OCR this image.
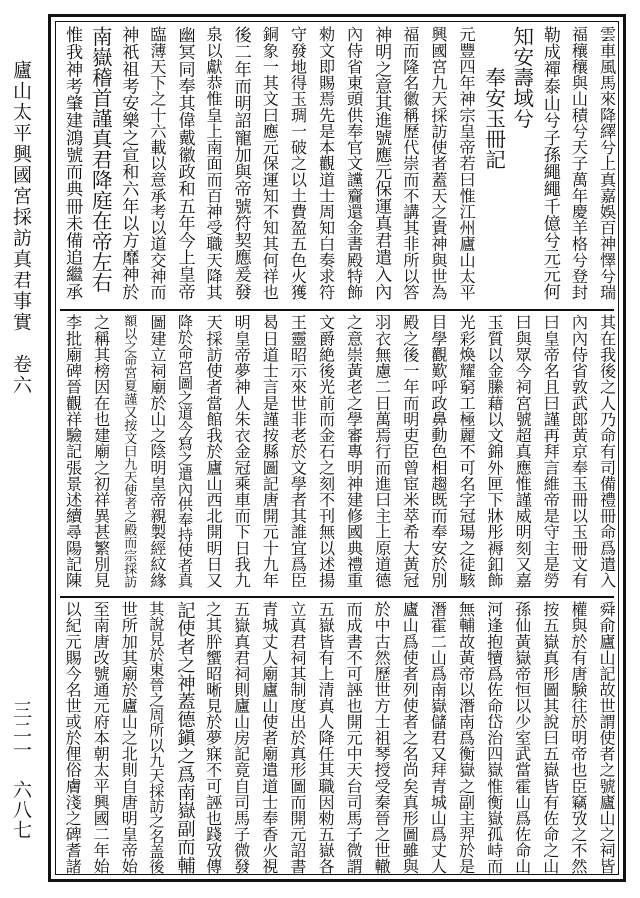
廬山太平興國宮採訪真君事實　卷六
三二一　六八七
雲車風馬來降繹兮上真嘉娛百神懌兮瑞
福穰穰與山積兮天子萬年慶羊格兮登封
勒成禪泰山兮子孫繩繩千億兮元元何
知安壽域兮
　　奉安玉冊記
元豐四年神宗皇帝若曰惟江州廬山太平
興國宮九天採訪使者蓋天之貴神與世為
福而隆名徽稱歷代崇而不講其非所以答
神明之意其進號應元保運真君遣入內
內侍省東頭供奉官文讜齎還金書殿特飾
勑文即賜焉先是本觀道士周知白奏求符
守發地得玉琱一破之以土費盈五色火獲
銅象一其文曰應元保運知不知其何祥也
後二年而明詔寵加與帝號符契應爰發
泉以獻恭惟皇上南面而百神受職天降其
幽冥同奉其偉戴徽政和五年今上皇帝
臨薄天下之十六載以意承考以道交神而
神祇祖考安樂之宣和六年以方靡神於
南嶽稽首謹真君降庭在帝左右
惟我神考肇建鴻號而典冊未備追繼承
其在我後之人乃命有司備禮冊命爲遣入
內內侍省敦武郎黃京奉玉冊以玉冊文有
曰皇帝名且曰謹再拜言維帝是守主是勞
曰與眾今祠宮號超真應惟謹威明刻又嘉
玉質以金縢藉以文錦外匣下牀彤褥釦飾
光彩煥耀窮工極麗不可名字冠瑒之徒駭
目學觀歎呼政鼻動色相趨既而奉安於別
殿之後一年而明吏臣曾宦米萃希大黃冠
羽衣無慮二日萬焉行而進曰主上原道德
之意崇黃老之學審專明神建修國典禮重
文爵絶後光前而金石之刻不刊無以述揚
王靈昭示來世非老於文學者其誰宜爲臣
曷日道士言是謹按縣圖記唐開元十九年
明皇帝夢神人朱衣金冠乘車而下日我九
天採訪使者當館我於廬山西北開明日又
降於命宮圖之道今寫之遣內供奉持使者真
圖建立祠廟於山之陰明皇帝親製經紋緣
額以之命宮夏謹又按文曰九天使者之殿而宗採訪
之稱其榜因在也建廟之初祥異甚繁別見
李批廟碑晉觀祥驗記張景述續尋陽記陳
舜俞廬山記故世謂使者之號廬山之祠皆
權與於有唐験往於明帝也臣竊攷之不然
按五嶽真形圖其說曰五嶽皆有佐命之山
孫仙黃嶽帝恒以少室武當霍山爲佐命山
河逢抱犢爲佐命岱治四嶽惟衡嶽孤峙而
無輔故黃帝以潛南爲衡嶽之副主羿於是
潛霍二山爲南嶽儲君又拜青城山爲丈人
廬山爲使者列使者之名尚矣真形圖雖與
於中古然歷世方士祖琴授受秦晉之世轍
而成書不可誣也開元中天台司馬子微謂
五嶽皆有上清真人降任其職因勑五嶽各
立真君祠其制度出於真形圖而開元詔書
青城丈人廟廬山使者廟遣道士奉香火視
五嶽真君祠則廬山房記竟自司馬子微發
之其肸蠁昭晰見於夢寐不可誣也踐攷傳
記使者之神蓋德鎭之爲南嶽副而輔
其說見於東晉之周所以九天採訪之名盖後
世所加其廟於廬山之北則自唐明皇帝始
至南唐改號通元府本朝太平興國二年始
以紀元賜今名世或於俚俗膚淺之碑耆諸
